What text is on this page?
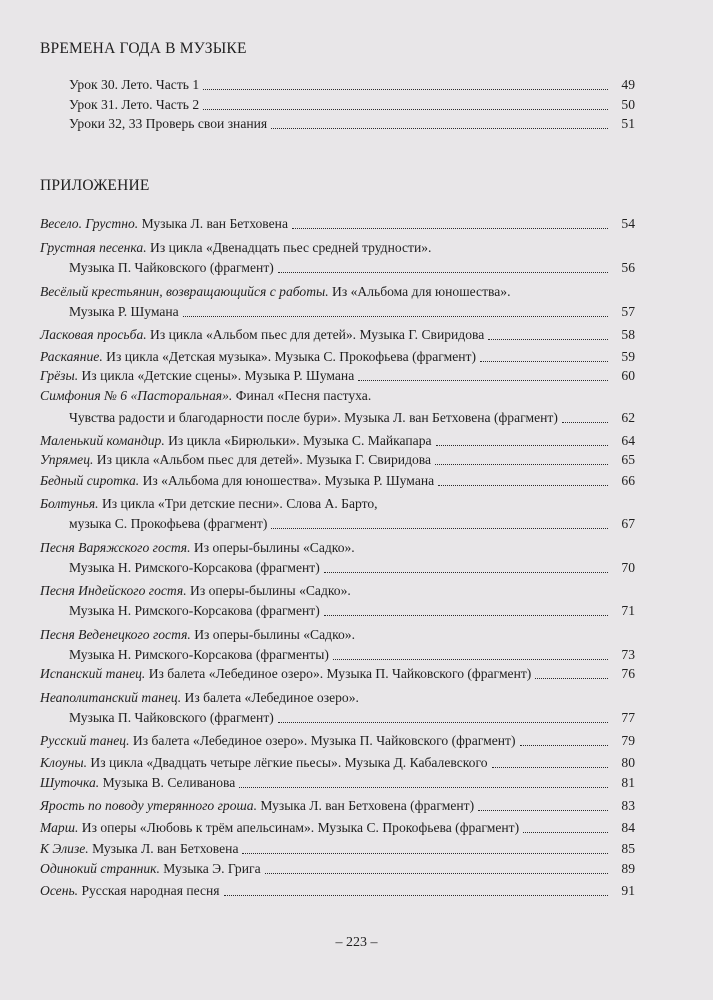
ВРЕМЕНА ГОДА В МУЗЫКЕ
Урок 30. Лето. Часть 1	49
Урок 31. Лето. Часть 2	50
Уроки 32, 33 Проверь свои знания	51
ПРИЛОЖЕНИЕ
Весело. Грустно. Музыка Л. ван Бетховена	54
Грустная песенка. Из цикла «Двенадцать пьес средней трудности».
Музыка П. Чайковского (фрагмент)	56
Весёлый крестьянин, возвращающийся с работы. Из «Альбома для юношества».
Музыка Р. Шумана	57
Ласковая просьба. Из цикла «Альбом пьес для детей». Музыка Г. Свиридова	58
Раскаяние. Из цикла «Детская музыка». Музыка С. Прокофьева (фрагмент)	59
Грёзы. Из цикла «Детские сцены». Музыка Р. Шумана	60
Симфония № 6 «Пасторальная». Финал «Песня пастуха.
Чувства радости и благодарности после бури». Музыка Л. ван Бетховена (фрагмент)	62
Маленький командир. Из цикла «Бирюльки». Музыка С. Майкапара	64
Упрямец. Из цикла «Альбом пьес для детей». Музыка Г. Свиридова	65
Бедный сиротка. Из «Альбома для юношества». Музыка Р. Шумана	66
Болтунья. Из цикла «Три детские песни». Слова А. Барто,
музыка С. Прокофьева (фрагмент)	67
Песня Варяжского гостя. Из оперы-былины «Садко».
Музыка Н. Римского-Корсакова (фрагмент)	70
Песня Индейского гостя. Из оперы-былины «Садко».
Музыка Н. Римского-Корсакова (фрагмент)	71
Песня Веденецкого гостя. Из оперы-былины «Садко».
Музыка Н. Римского-Корсакова (фрагменты)	73
Испанский танец. Из балета «Лебединое озеро». Музыка П. Чайковского (фрагмент)	76
Неаполитанский танец. Из балета «Лебединое озеро».
Музыка П. Чайковского (фрагмент)	77
Русский танец. Из балета «Лебединое озеро». Музыка П. Чайковского (фрагмент)	79
Клоуны. Из цикла «Двадцать четыре лёгкие пьесы». Музыка Д. Кабалевского	80
Шуточка. Музыка В. Селиванова	81
Ярость по поводу утерянного гроша. Музыка Л. ван Бетховена (фрагмент)	83
Марш. Из оперы «Любовь к трём апельсинам». Музыка С. Прокофьева (фрагмент)	84
К Элизе. Музыка Л. ван Бетховена	85
Одинокий странник. Музыка Э. Грига	89
Осень. Русская народная песня	91
– 223 –
